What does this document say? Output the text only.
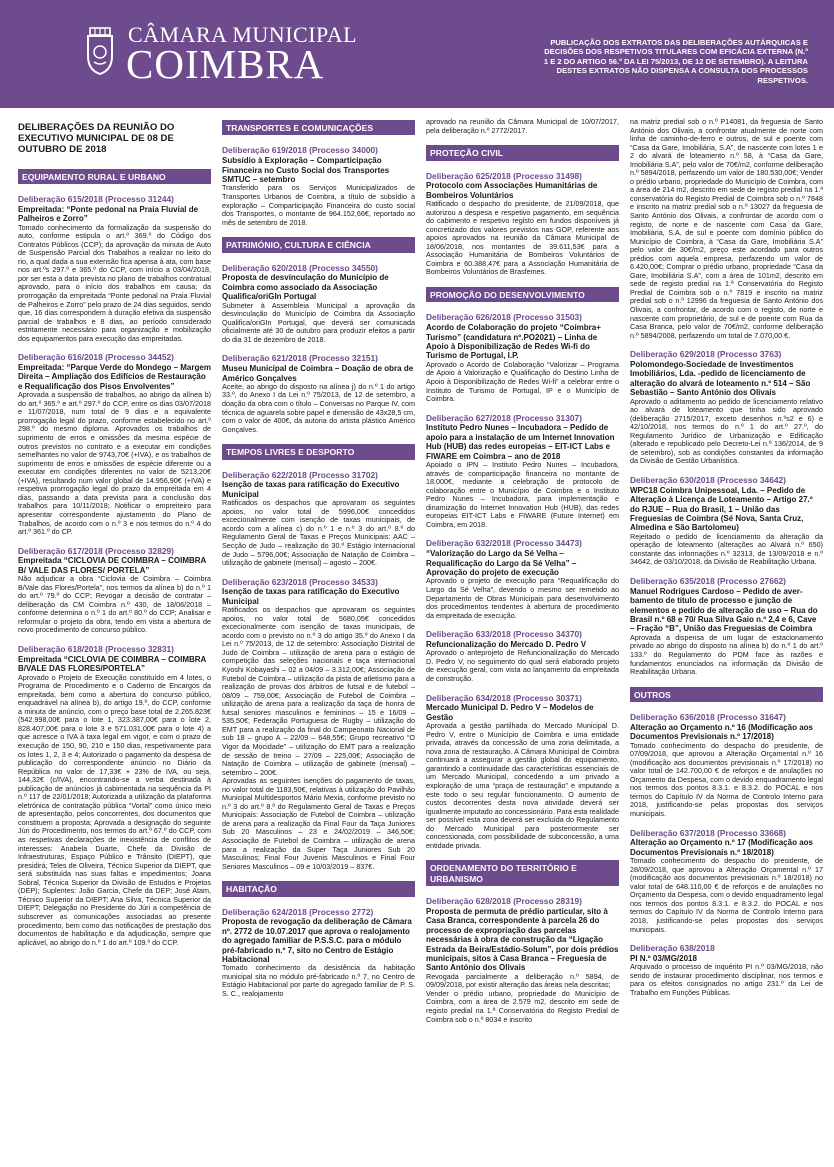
CÂMARA MUNICIPAL
COIMBRA	PUBLICAÇÃO DOS EXTRATOS DAS DELIBERAÇÕES AUTÁRQUICAS E DECISÕES DOS RESPETIVOS TITULARES COM EFICÁCIA EXTERNA (N.º 1 E 2 DO ARTIGO 56.º DA LEI 75/2013, DE 12 DE SETEMBRO). A LEITURA DESTES EXTRATOS NÃO DISPENSA A CONSULTA DOS PROCESSOS RESPETIVOS.
DELIBERAÇÕES DA REUNIÃO DO EXECUTIVO MUNICIPAL DE 08 DE OUTUBRO DE 2018
EQUIPAMENTO RURAL E URBANO
Deliberação 615/2018 (Processo 31244)
Empreitada: “Ponte pedonal na Praia Fluvial de Palheiros e Zorro”
Tomado conhecimento da formalização da suspensão do auto, conforme estipula o art.º 369.º do Código dos Contratos Públicos (CCP); da aprovação da minuta de Auto de Suspensão Parcial dos Trabalhos a realizar no leito do rio, a qual dada a sua extensão fica apensa à ata, com base nos art.ºs 297.º e 365.º do CCP, com início a 03/04/2018, por ser esta a data prevista no plano de trabalhos contratual aprovado, para o início dos trabalhos em causa; da prorrogação da empreitada “Ponte pedonal na Praia Fluvial de Palheiros e Zorro” pelo prazo de 24 dias seguidos, sendo que, 16 dias correspondem à duração efetiva da suspensão parcial de trabalhos e 8 dias, ao período considerado estritamente necessário para organização e mobilização dos equipamentos para execução das empreitadas.
Deliberação 616/2018 (Processo 34452)
Empreitada: “Parque Verde do Mondego – Margem Direita – Ampliação dos Edifícios de Restauração e Requalificação dos Pisos Envolventes”
Aprovada a suspensão de trabalhos, ao abrigo da alínea b) do art.º 365.º e art.º 297.º do CCP, entre os dias 03/07/2018 e 11/07/2018, num total de 9 dias e a equivalente prorrogação legal do prazo, conforme estabelecido no art.º 298.º do mesmo diploma. Aprovados os trabalhos de suprimento de erros e omissões da mesma espécie de outros previstos no contrato e a executar em condições semelhantes no valor de 9743,70€ (+IVA), e os trabalhos de suprimento de erros e omissões de espécie diferente ou a executar em condições diferentes no valor de 5213,20€ (+IVA), resultando num valor global de 14.956,90€ (+IVA) e respetiva prorrogação legal do prazo da empreitada em 4 dias, passando a data prevista para a conclusão dos trabalhos para 10/11/2018; Notificar o empreiteiro para apresentar correspondente ajustamento do Plano de Trabalhos, de acordo com o n.º 3 e nos termos do n.º 4 do art.º 361.º do CP.
Deliberação 617/2018 (Processo 32829)
Empreitada “CICLOVIA DE COIMBRA – COIMBRA B/ VALE DAS FLORES/ PORTELA”
Não adjudicar a obra “Ciclovia de Coimbra – Coimbra B/Vale das Flores/Portela”, nos termos da alínea b) do n.º 1 do art.º 79.º do CCP; Revogar a decisão de contratar – deliberação da CM Coimbra n.º 430, de 18/06/2018 – conforme determina o n.º 1 do art.º 80.º do CCP; Analisar e reformular o projeto da obra, tendo em vista a abertura de novo procedimento de concurso público.
Deliberação 618/2018 (Processo 32831)
Empreitada “CICLOVIA DE COIMBRA – COIMBRA B/VALE DAS FLORES/PORTELA”
Aprovado o Projeto de Execução constituído em 4 lotes, o Programa de Procedimento e o Caderno de Encargos da empreitada, bem como a abertura do concurso público, enquadrável na alínea b), do artigo 19.º, do CCP, conforme a minuta de anúncio, com o preço base total de 2.265.823€ (542.998,00€ para o lote 1, 323.387,00€ para o lote 2, 828.407,00€ para o lote 3 e 571.031,00€ para o lote 4) a que acresce o IVA à taxa legal em vigor, e com o prazo de execução de 150, 90, 210 e 150 dias, respetivamente para os lotes 1, 2, 3 e 4; Autorizado o pagamento da despesa de publicação do correspondente anúncio no Diário da República no valor de 17,33€ + 23% de IVA, ou seja, 144,32€ (c/IVA), encontrando-se a verba destinada à publicação de anúncios já cabimentada na sequência da PI n.º 117 de 22/01/2018; Autorizada a utilização da plataforma eletrónica de contratação pública “Vortal” como único meio de apresentação, pelos concorrentes, dos documentos que constituem a proposta; Aprovada a designação do seguinte Júri do Procedimento, nos termos do art.º 67.º do CCP, com as respetivas declarações de inexistência de conflitos de interesses: Anabela Duarte, Chefe da Divisão de Infraestruturas, Espaço Público e Trânsito (DIEPT), que presidirá; Teles de Oliveira, Técnico Superior da DIEPT, que será substituída nas suas faltas e impedimentos; Joana Sobral, Técnica Superior da Divisão de Estudos e Projetos (DEP); Suplentes: João Garcia, Chefe da DEP; José Atam, Técnico Superior da DIEPT; Ana Silva, Técnica Superior da DIEPT; Delegação no Presidente do Júri a competência de subscrever as comunicações associadas ao presente procedimento, bem como das notificações de prestação dos documentos de habilitação e da adjudicação, sempre que aplicável, ao abrigo do n.º 1 do art.º 109.º do CCP.
TRANSPORTES E COMUNICAÇÕES
Deliberação 619/2018 (Processo 34000)
Subsídio à Exploração – Comparticipação Financeira no Custo Social dos Transportes SMTUC – setembro
Transferido para os Serviços Municipalizados de Transportes Urbanos de Coimbra, a título de subsídio à exploração – Comparticipação Financeira do custo social dos Transportes, o montante de 964.152,66€, reportado ao mês de setembro de 2018.
PATRIMÓNIO, CULTURA E CIÊNCIA
Deliberação 620/2018 (Processo 34550)
Proposta de desvinculação do Município de Coimbra como associado da Associação Qualifica/oriGIn Portugal
Submeter à Assembleia Municipal a aprovação da desvinculação do Município de Coimbra da Associação Qualifica/oriGIn Portugal, que deverá ser comunicada oficialmente até 30 de outubro para produzir efeitos a partir do dia 31 de dezembro de 2018.
Deliberação 621/2018 (Processo 32151)
Museu Municipal de Coimbra – Doação de obra de Américo Gonçalves
Aceite, ao abrigo do disposto na alínea j) do n.º 1 do artigo 33.º, do Anexo I da Lei n.º 75/2013, de 12 de setembro, a doação da obra com o título – Conversas no Parque IV, com técnica de aguarela sobre papel e dimensão de 43x28,5 cm, com o valor de 400€, da autoria do artista plástico Américo Gonçalves.
TEMPOS LIVRES E DESPORTO
Deliberação 622/2018 (Processo 31702)
Isenção de taxas para ratificação do Executivo Municipal
Ratificados os despachos que aprovaram os seguintes apoios, no valor total de 5996,00€ concedidos excecionalmente com isenção de taxas municipais, de acordo com a alínea c) do n.º 1 e n.º 3 do art.º 8.º do Regulamento Geral de Taxas e Preços Municipais: AAC – Secção de Judo – realização do 30.º Estágio Internacional de Judo – 5796,00€; Associação de Natação de Coimbra – utilização de gabinete (mensal) – agosto – 200€.
Deliberação 623/2018 (Processo 34533)
Isenção de taxas para ratificação do Executivo Municipal
Ratificados os despachos que aprovaram os seguintes apoios, no valor total de 5680,05€ concedidos excecionalmente com isenção de taxas municipais, de acordo com o previsto no n.º 3 do artigo 35.º do Anexo I da Lei n.º 75/2013, de 12 de setembro: Associação Distrital de Judo de Coimbra – utilização de arena para o estágio de competição das seleções nacionais e taça internacional Kyoshi Kobayashi – 02 a 04/09 – 3.312,00€; Associação de Futebol de Coimbra – utilização da pista de atletismo para a realização de provas dos árbitros de futsal e de futebol – 08/09 – 759,00€; Associação de Futebol de Coimbra – utilização de arena para a realização da taça de honra de futsal seniores masculinos e femininos – 15 e 16/09 – 535,50€; Federação Portuguesa de Rugby – utilização do EMT para a realização da final do Campeonato Nacional de sub 18 – grupo A – 22/09 – 648,55€; Grupo recreativo “O Vigor da Mocidade” – utilização do EMT para a realização de sessão de treino – 27/09 – 225,00€; Associação de Natação de Coimbra – utilização de gabinete (mensal) – setembro – 200€.
Aprovadas as seguintes isenções do pagamento de taxas, no valor total de 1183,50€, relativas à utilização do Pavilhão Municipal Multidesportos Mário Mexia, conforme previsto no n.º 3 do art.º 8.º do Regulamento Geral de Taxas e Preços Municipais: Associação de Futebol de Coimbra – utilização de arena para a realização da Final Four da Taça Juniores Sub 20 Masculinos – 23 e 24/02/2019 – 346,50€; Associação de Futebol de Coimbra – utilização de arena para a realização da Super Taça Juniores Sub 20 Masculinos; Final Four Juvenis Masculinos e Final Four Seniores Masculinos – 09 e 10/03/2019 – 837€.
HABITAÇÃO
Deliberação 624/2018 (Processo 2772)
Proposta de revogação da deliberação de Câmara nº. 2772 de 10.07.2017 que aprova o realojamento do agregado familiar de P.S.S.C. para o módulo pré-fabricado n.º 7, sito no Centro de Estágio Habitacional
Tomado conhecimento da desistência da habitação municipal sita no módulo pré-fabricado n.º 7, no Centro de Estágio Habitacional por parte do agregado familiar de P. S. S. C., realojamento
aprovado na reunião da Câmara Municipal de 10/07/2017, pela deliberação n.º 2772/2017.
PROTEÇÃO CIVIL
Deliberação 625/2018 (Processo 31498)
Protocolo com Associações Humanitárias de Bombeiros Voluntários
Ratificado o despacho do presidente, de 21/09/2018, que autorizou a despesa e respetivo pagamento, em sequência do cabimento e respetivo registo em fundos disponíveis já concretizado dos valores previstos nas GOP, referente aos apoios aprovados na reunião da Câmara Municipal de 18/06/2018, nos montantes de 39.611,53€ para a Associação Humanitária de Bombeiros Voluntários de Coimbra e 60.388,47€ para a Associação Humanitária de Bombeiros Voluntários de Brasfemes.
PROMOÇÃO DO DESENVOLVIMENTO
Deliberação 626/2018 (Processo 31503)
Acordo de Colaboração do projeto “Coimbra+ Turismo” (candidatura nº.PO2021) – Linha de Apoio à Disponibilização de Redes Wi-fi do Turismo de Portugal, I.P.
Aprovado o Acordo de Colaboração “Valorizar – Programa de Apoio à Valorização e Qualificação do Destino Linha de Apoio à Disponibilização de Redes Wi-fi” a celebrar entre o Instituto de Turismo de Portugal, IP e o Município de Coimbra.
Deliberação 627/2018 (Processo 31307)
Instituto Pedro Nunes – Incubadora – Pedido de apoio para a instalação de um Internet Innovation Hub (HUB) das redes europeias – EIT-ICT Labs e FIWARE em Coimbra – ano de 2018
Apoiado o IPN – Instituto Pedro Nunes – Incubadora, através de comparticipação financeira no montante de 18.000€, mediante a celebração de protocolo de colaboração entre o Município de Coimbra e o Instituto Pedro Nunes – Incubadora, para implementação e dinamização do Internet Innovation Hub (HUB), das redes europeias EIT-ICT Labs e FIWARE (Future Internet) em Coimbra, em 2018.
Deliberação 632/2018 (Processo 34473)
“Valorização do Largo da Sé Velha – Requalificação do Largo da Sé Velha” – Aprovação do projeto de execução
Aprovado o projeto de execução para “Requalificação do Largo da Sé Velha”, devendo o mesmo ser remetido ao Departamento de Obras Municipais para desenvolvimento dos procedimentos tendentes à abertura de procedimento da empreitada de execução.
Deliberação 633/2018 (Processo 34370)
Refuncionalização do Mercado D. Pedro V
Aprovado o anteprojeto de Refuncionalização do Mercado D. Pedro V, no seguimento do qual será elaborado projeto de execução geral, com vista ao lançamento da empreitada de construção.
Deliberação 634/2018 (Processo 30371)
Mercado Municipal D. Pedro V – Modelos de Gestão
Aprovada a gestão partilhada do Mercado Municipal D. Pedro V, entre o Município de Coimbra e uma entidade privada, através da concessão de uma zona delimitada, a nova zona de restauração. A Câmara Municipal de Coimbra continuará a assegurar a gestão global do equipamento, garantindo a continuidade das características essenciais de um Mercado Municipal, concedendo a um privado a exploração de uma “praça de restauração” e imputando a este todo o seu regular funcionamento. O aumento de custos decorrentes desta nova atividade deverá ser igualmente imputado ao concessionário. Para esta realidade ser possível esta zona deverá ser excluída do Regulamento do Mercado Municipal para posteriormente ser concessionada, com possibilidade de subconcessão, a uma entidade privada.
ORDENAMENTO DO TERRITÓRIO E URBANISMO
Deliberação 628/2018 (Processo 28319)
Proposta de permuta de prédio particular, sito à Casa Branca, correspondente à parcela 26 do processo de expropriação das parcelas necessárias à obra de construção da “Ligação Estrada da Beira/Estádio-Solum”, por dois prédios municipais, sitos à Casa Branca – Freguesia de Santo António dos Olivais
Revogada parcialmente a deliberação n.º 5894, de 09/09/2018, por existir alteração das áreas nela descritas;
Vender o prédio urbano, propriedade do Município de Coimbra, com a área de 2.579 m2, descrito em sede de registo predial na 1.ª Conservatória do Registo Predial de Coimbra sob o n.º 8034 e inscrito
na matriz predial sob o n.º P14081, da freguesia de Santo António dos Olivais, a confrontar atualmente de norte com linha de caminho-de-ferro e outros, de sul e poente com “Casa da Gare, Imobiliária, S.A”, de nascente com lotes 1 e 2 do alvará de loteamento n.º 58, à “Casa da Gare, Imobiliária S.A”, pelo valor de 70€/m2, conforme deliberação n.º 5894/2018, perfazendo um valor de 180.530,00€; Vender o prédio urbano, propriedade do Município de Coimbra, com a área de 214 m2, descrito em sede de registo predial na 1.ª conservatória do Registo Predial de Coimbra sob o n.º 7848 e inscrito na matriz predial sob o n.º 13027 da freguesia de Santo António dos Olivais, a confrontar de acordo com o registo, de norte e de nascente com Casa da Gare, Imobiliária, S.A, de sul e poente com domínio público do Município de Coimbra, à “Casa da Gare, Imobiliária S.A” pelo valor de 30€/m2, preço este acordado para outros prédios com aquela empresa, perfazendo um valor de 6.420,00€; Comprar o prédio urbano, propriedade “Casa da Gare, Imobiliária S.A”, com a área de 101m2, descrito em sede de registo predial na 1.ª Conservatória do Registo Predial de Coimbra sob o n.º 7819 e inscrito na matriz predial sob o n.º 12996 da freguesia de Santo António dos Olivais, a confrontar, de acordo com o registo, de norte e nascente com proprietário, de sul e de poente com Rua da Casa Branca, pelo valor de 70€/m2, conforme deliberação n.º 5894/2008, perfazendo um total de 7.070,00 €.
Deliberação 629/2018 (Processo 3763)
Polomondego-Sociedade de Investimentos Imobiliários, Lda. -pedido de licenciamento de alteração do alvará de loteamento n.º 514 – São Sebastião – Santo António dos Olivais
Aprovado o aditamento ao pedido de licenciamento relativo ao alvará de loteamento que tinha sido aprovado (deliberação 2715/2017, exceto desenhos n.ºs2 e 6) e 42/10/2018, nos termos do n.º 1 do art.º 27.º, do Regulamento Jurídico de Urbanização e Edificação (alterado e republicado pelo Decreto-Lei n.º 136/2014, de 9 de setembro), sob as condições constantes da informação da Divisão de Gestão Urbanística.
Deliberação 630/2018 (Processo 34642)
WPC18 Coimbra Unipessoal, Lda. – Pedido de Alteração à Licença de Loteamento – Artigo 27.º do RJUE – Rua do Brasil, 1 – União das Freguesias de Coimbra (Sé Nova, Santa Cruz, Almedina e São Bartolomeu)
Rejeitado o pedido de licenciamento da alteração da operação de loteamento (alterações ao Alvará n.º 650) constante das informações n.º 32313, de 13/09/2018 e n.º 34642, de 03/10/2018, da Divisão de Reabilitação Urbana.
Deliberação 635/2018 (Processo 27662)
Manuel Rodrigues Cardoso – Pedido de aver-bamento de título de processo e junção de elementos e pedido de alteração de uso – Rua do Brasil n.º 68 e 70/ Rua Silva Gaio n.º 2,4 e 6, Cave – Fração “B”, União das Freguesias de Coimbra
Aprovada a dispensa de um lugar de estacionamento privado ao abrigo do disposto na alínea b) do n.º 1 do art.º 133.º do Regulamento do PDM face às razões e fundamentos enunciados na informação da Divisão de Reabilitação Urbana.
OUTROS
Deliberação 636/2018 (Processo 31647)
Alteração ao Orçamento n.º 16 (Modificação aos Documentos Previsionais n.º 17/2018)
Tomado conhecimento do despacho do presidente, de 07/09/2018, que aprovou a Alteração Orçamental n.º 16 (modificação aos documentos previsionais n.º 17/2018) no valor total de 142.700,00 € de reforços e de anulações no Orçamento da Despesa, com o devido enquadramento legal nos termos dos pontos 8.3.1. e 8.3.2. do POCAL e nos termos do Capítulo IV da Norma de Controlo Interno para 2018, justificando-se pelas propostas dos serviços municipais.
Deliberação 637/2018 (Processo 33668)
Alteração ao Orçamento n.º 17 (Modificação aos Documentos Previsionais n.º 18/2018)
Tomado conhecimento do despacho do presidente, de 28/09/2018, que aprovou a Alteração Orçamental n.º 17 (modificação aos documentos previsionais n.º 18/2018) no valor total de 648.110,00 € de reforços e de anulações no Orçamento da Despesa, com o devido enquadramento legal nos termos dos pontos 8.3.1. e 8.3.2. do POCAL e nos termos do Capítulo IV da Norma de Controlo Interno para 2018, justificando-se pelas propostas dos serviços municipais.
Deliberação 638/2018
PI N.º 03/MG/2018
Arquivado o processo de inquérito PI n.º 03/MG/2018, não sendo de instaurar procedimento disciplinar, nos termos e para os efeitos consignados no artigo 231.º da Lei de Trabalho em Funções Públicas.
